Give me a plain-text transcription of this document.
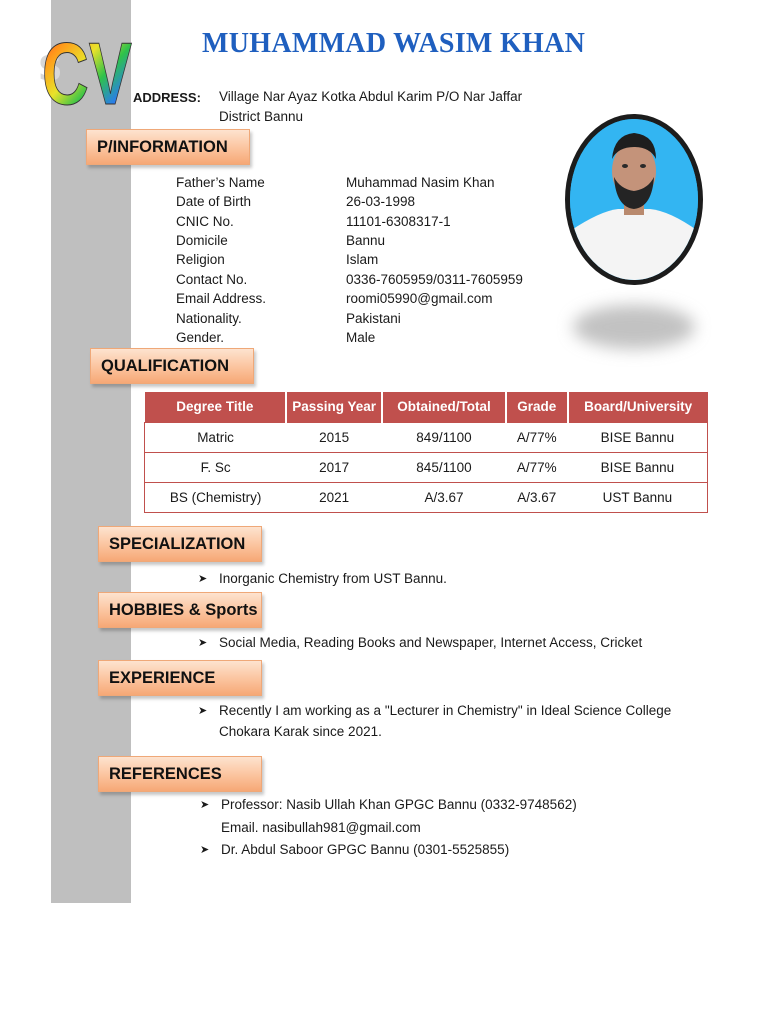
S
CV MUHAMMAD WASIM KHAN
ADDRESS: Village Nar Ayaz Kotka Abdul Karim P/O Nar Jaffar
District Bannu
P/INFORMATION
Father’s Name	Muhammad Nasim Khan
Date of Birth	26-03-1998
CNIC No.	11101-6308317-1
Domicile	Bannu
Religion	Islam
Contact No.	0336-7605959/0311-7605959
Email Address.	roomi05990@gmail.com
Nationality.	Pakistani
Gender.	Male
QUALIFICATION
Degree Title	Passing Year	Obtained/Total	Grade	Board/University
Matric	2015	849/1100	A/77%	BISE Bannu
F. Sc	2017	845/1100	A/77%	BISE Bannu
BS (Chemistry)	2021	A/3.67	A/3.67	UST Bannu
SPECIALIZATION
➤ Inorganic Chemistry from UST Bannu.
HOBBIES & Sports
➤ Social Media, Reading Books and Newspaper, Internet Access, Cricket
EXPERIENCE
➤ Recently I am working as a "Lecturer in Chemistry" in Ideal Science College
Chokara Karak since 2021.
REFERENCES
➤ Professor: Nasib Ullah Khan GPGC Bannu (0332-9748562)
Email. nasibullah981@gmail.com
➤ Dr. Abdul Saboor GPGC Bannu (0301-5525855)
